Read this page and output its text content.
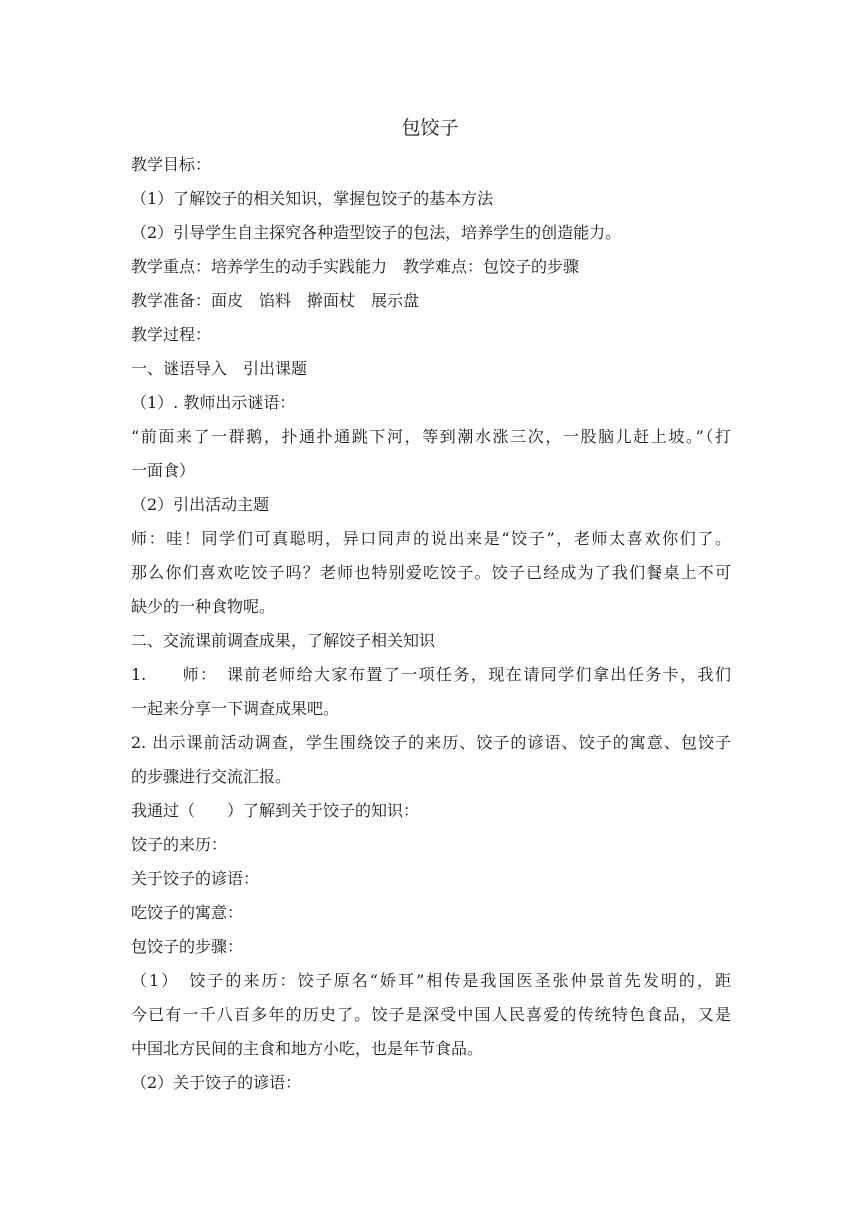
包饺子
教学目标：
（1）了解饺子的相关知识，掌握包饺子的基本方法
（2）引导学生自主探究各种造型饺子的包法，培养学生的创造能力。
教学重点：培养学生的动手实践能力　教学难点：包饺子的步骤
教学准备：面皮　馅料　擀面杖　展示盘
教学过程：
一、谜语导入　引出课题
（1）. 教师出示谜语：
“前面来了一群鹅，扑通扑通跳下河，等到潮水涨三次，一股脑儿赶上坡。”（打
一面食）
（2）引出活动主题
师：哇！同学们可真聪明，异口同声的说出来是“饺子”，老师太喜欢你们了。
那么你们喜欢吃饺子吗？老师也特别爱吃饺子。饺子已经成为了我们餐桌上不可
缺少的一种食物呢。
二、交流课前调查成果，了解饺子相关知识
1.　　师：　课前老师给大家布置了一项任务，现在请同学们拿出任务卡，我们
一起来分享一下调查成果吧。
2. 出示课前活动调查，学生围绕饺子的来历、饺子的谚语、饺子的寓意、包饺子
的步骤进行交流汇报。
我通过（　　）了解到关于饺子的知识：
饺子的来历：
关于饺子的谚语：
吃饺子的寓意：
包饺子的步骤：
（1）　饺子的来历：饺子原名“娇耳”相传是我国医圣张仲景首先发明的，距
今已有一千八百多年的历史了。饺子是深受中国人民喜爱的传统特色食品，又是
中国北方民间的主食和地方小吃，也是年节食品。
（2）关于饺子的谚语：
